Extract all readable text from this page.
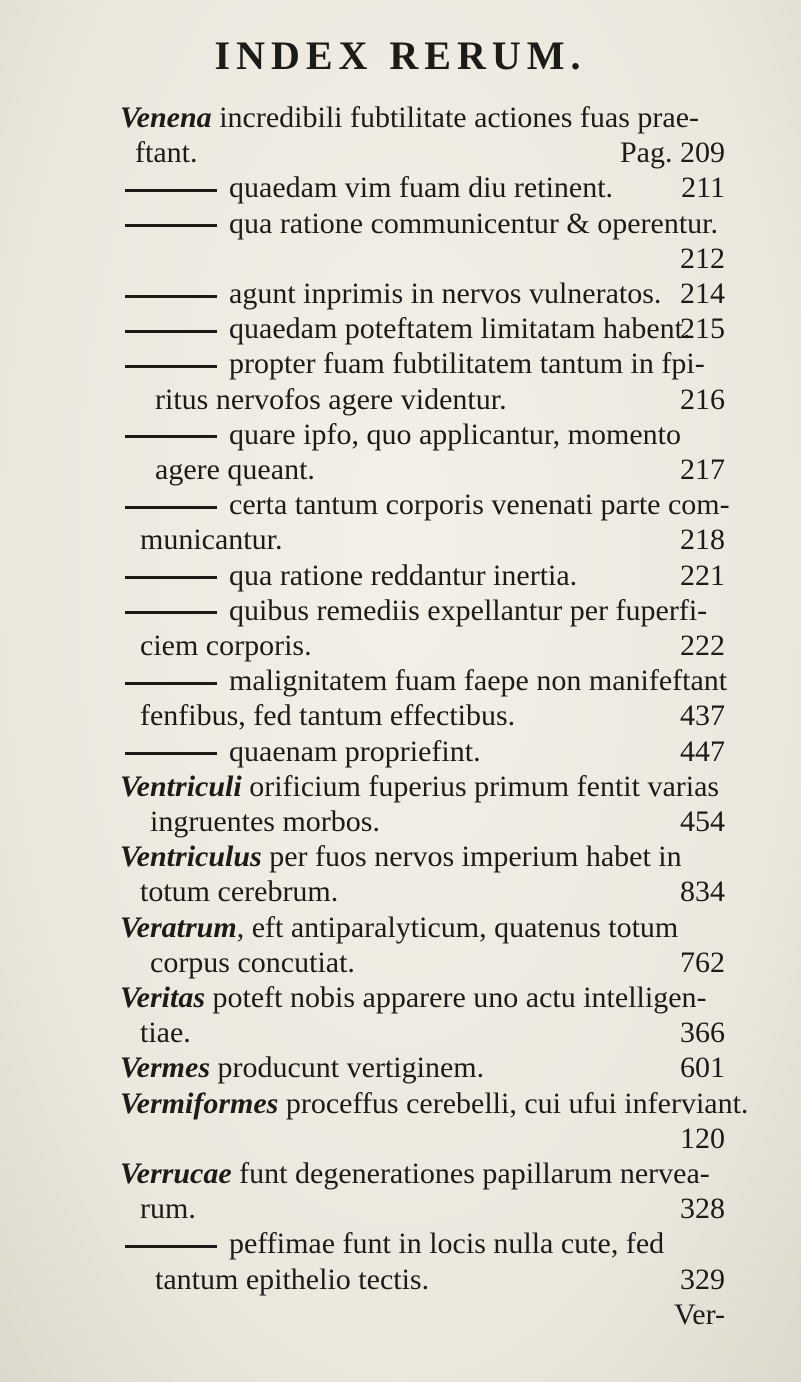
INDEX RERUM.
Venena incredibili fubtilitate actiones fuas prae-
ftant.	Pag. 209
quaedam vim fuam diu retinent. 211
qua ratione communicentur & operentur.
212
agunt inprimis in nervos vulneratos. 214
quaedam poteftatem limitatam habent.
215
propter fuam fubtilitatem tantum in fpi-
ritus nervofos agere videntur.	216
quare ipfo, quo applicantur, momento
agere queant.	217
certa tantum corporis venenati parte com-
municantur.	218
qua ratione reddantur inertia.	221
quibus remediis expellantur per fuperfi-
ciem corporis.	222
malignitatem fuam faepe non manifeftant
fenfibus, fed tantum effectibus.	437
quaenam propriefint.	447
Ventriculi orificium fuperius primum fentit varias
ingruentes morbos.	454
Ventriculus per fuos nervos imperium habet in
totum cerebrum.	834
Veratrum, eft antiparalyticum, quatenus totum
corpus concutiat.	762
Veritas poteft nobis apparere uno actu intelligen-
tiae.	366
Vermes producunt vertiginem.	601
Vermiformes proceffus cerebelli, cui ufui inferviant.
120
Verrucae funt degenerationes papillarum nervea-
rum.	328
peffimae funt in locis nulla cute, fed
tantum epithelio tectis.	329
Ver-
